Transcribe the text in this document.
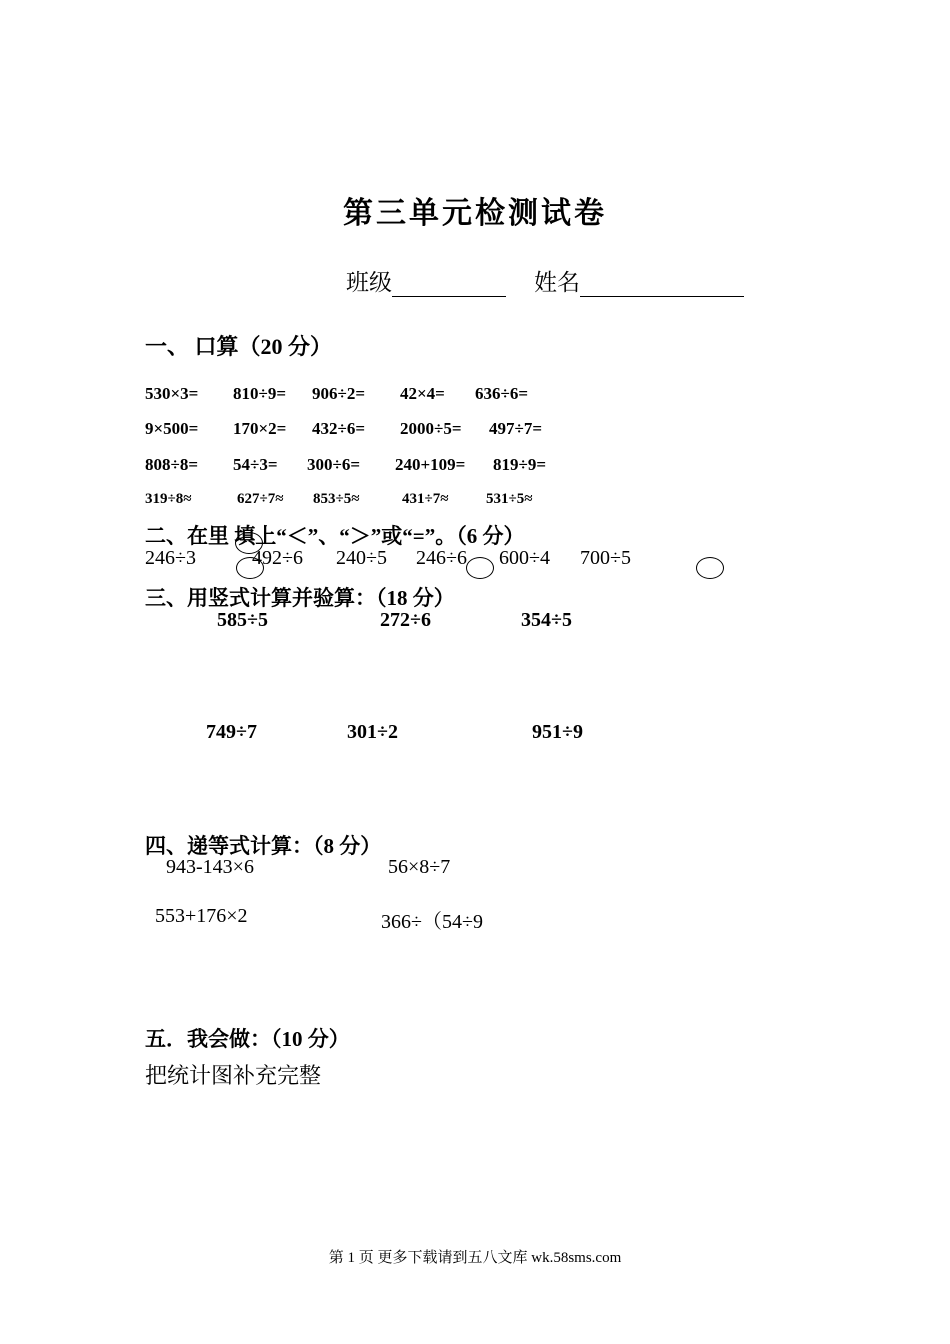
第三单元检测试卷
班级	姓名
一、 口算（20 分）
530×3= 810÷9= 906÷2= 42×4= 636÷6=
9×500= 170×2= 432÷6= 2000÷5= 497÷7=
808÷8= 54÷3= 300÷6= 240+109= 819÷9=
319÷8≈	627÷7≈ 853÷5≈	431÷7≈	531÷5≈
二、在里 填上“＜”、“＞”或“=”。（6 分）
246÷3	492÷6 240÷5 246÷6 600÷4 700÷5
三、用竖式计算并验算：（18 分）
585÷5	272÷6	354÷5
749÷7	301÷2	951÷9
四、递等式计算：（8 分）
943-143×6	56×8÷7
553+176×2	366÷（54÷9
五．我会做：（10 分）
把统计图补充完整
第 1 页 更多下载请到五八文库 wk.58sms.com
